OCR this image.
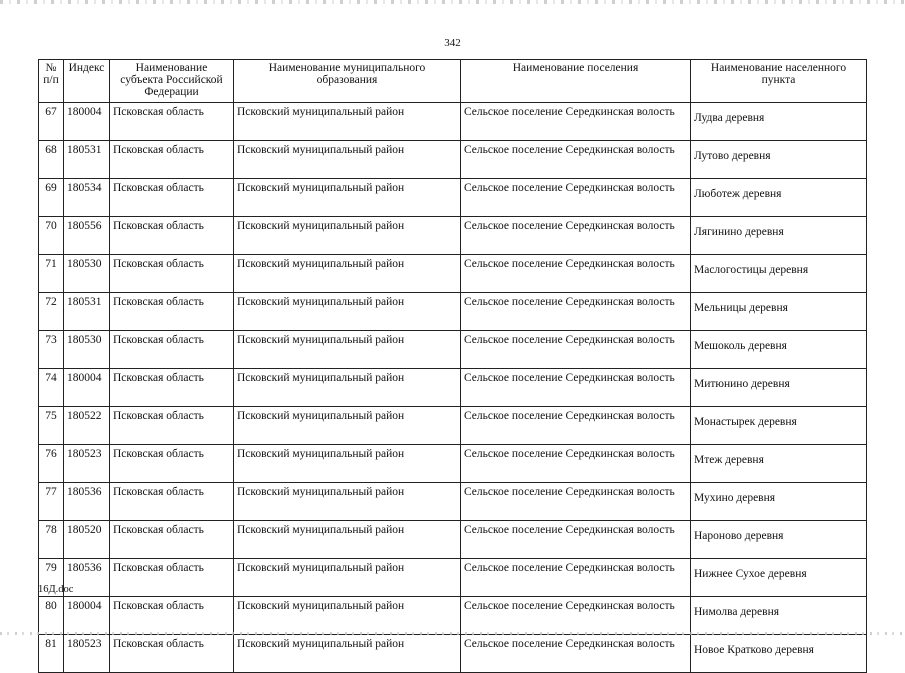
342
№ п/п	Индекс	Наименование субъекта Российской Федерации	Наименование муниципального образования	Наименование поселения	Наименование населенного пункта
67	180004	Псковская область	Псковский муниципальный район	Сельское поселение Середкинская волость	Лудва деревня
68	180531	Псковская область	Псковский муниципальный район	Сельское поселение Середкинская волость	Лутово деревня
69	180534	Псковская область	Псковский муниципальный район	Сельское поселение Середкинская волость	Люботеж деревня
70	180556	Псковская область	Псковский муниципальный район	Сельское поселение Середкинская волость	Лягинино деревня
71	180530	Псковская область	Псковский муниципальный район	Сельское поселение Середкинская волость	Маслогостицы деревня
72	180531	Псковская область	Псковский муниципальный район	Сельское поселение Середкинская волость	Мельницы деревня
73	180530	Псковская область	Псковский муниципальный район	Сельское поселение Середкинская волость	Мешоколь деревня
74	180004	Псковская область	Псковский муниципальный район	Сельское поселение Середкинская волость	Митюнино деревня
75	180522	Псковская область	Псковский муниципальный район	Сельское поселение Середкинская волость	Монастырек деревня
76	180523	Псковская область	Псковский муниципальный район	Сельское поселение Середкинская волость	Мтеж деревня
77	180536	Псковская область	Псковский муниципальный район	Сельское поселение Середкинская волость	Мухино деревня
78	180520	Псковская область	Псковский муниципальный район	Сельское поселение Середкинская волость	Нароново деревня
79	180536	Псковская область	Псковский муниципальный район	Сельское поселение Середкинская волость	Нижнее Сухое деревня
80	180004	Псковская область	Псковский муниципальный район	Сельское поселение Середкинская волость	Нимолва деревня
81	180523	Псковская область	Псковский муниципальный район	Сельское поселение Середкинская волость	Новое Кратково деревня
16Д.doc
